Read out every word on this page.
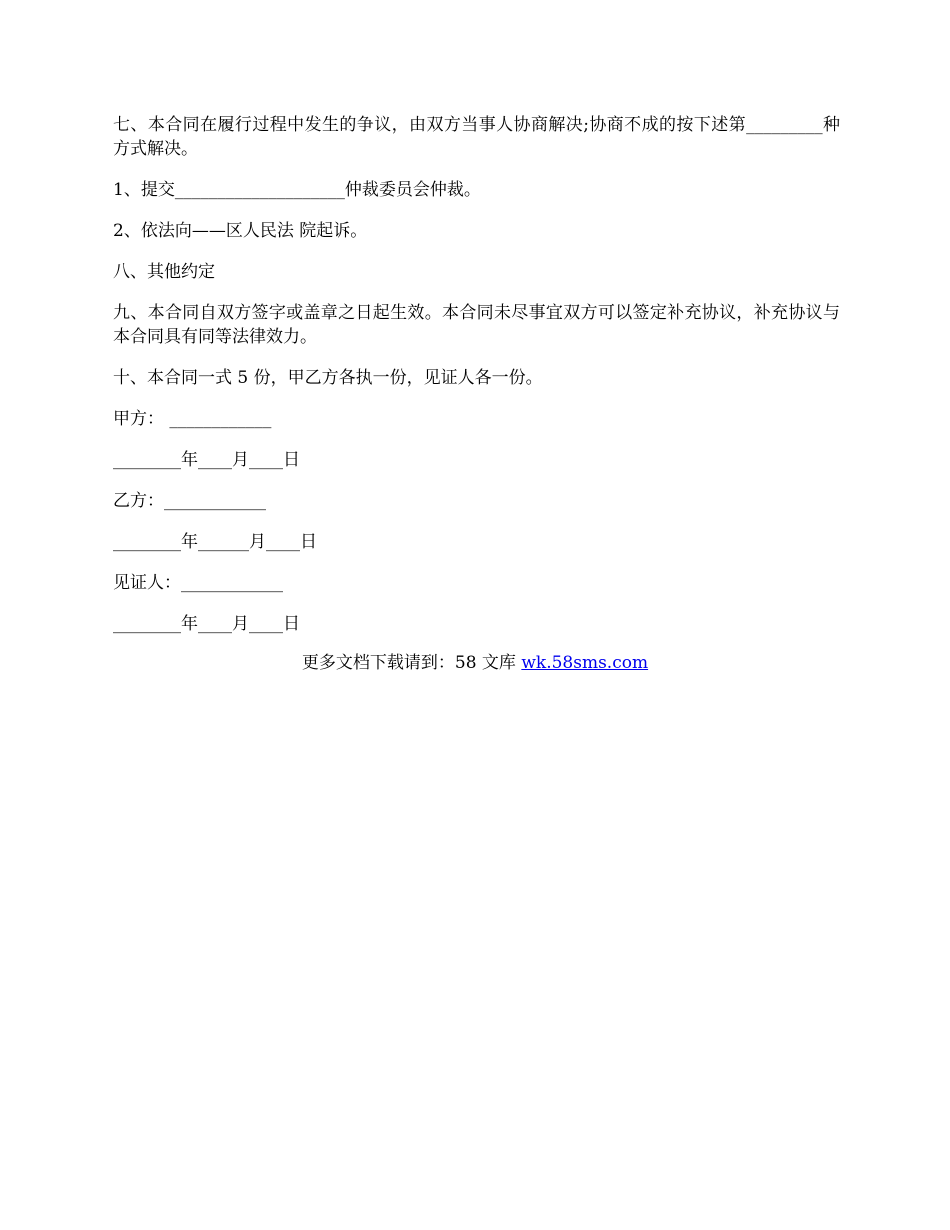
七、本合同在履行过程中发生的争议，由双方当事人协商解决;协商不成的按下述第_________种方式解决。

1、提交____________________仲裁委员会仲裁。

2、依法向——区人民法 院起诉。

八、其他约定

九、本合同自双方签字或盖章之日起生效。本合同未尽事宜双方可以签定补充协议，补充协议与本合同具有同等法律效力。

十、本合同一式 5 份，甲乙方各执一份，见证人各一份。

甲方： ____________

________年____月____日

乙方：____________

________年______月____日

见证人：____________

________年____月____日

更多文档下载请到：58 文库 wk.58sms.com
